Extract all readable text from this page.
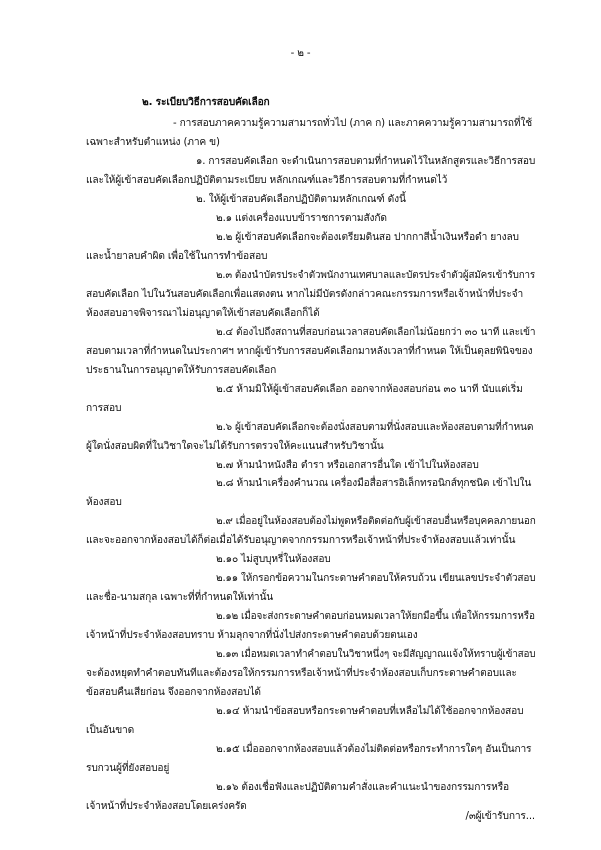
- ๒ -
๒. ระเบียบวิธีการสอบคัดเลือก
- การสอบภาคความรู้ความสามารถทั่วไป (ภาค ก) และภาคความรู้ความสามารถที่ใช้
เฉพาะสำหรับตำแหน่ง (ภาค ข)
๑. การสอบคัดเลือก จะดำเนินการสอบตามที่กำหนดไว้ในหลักสูตรและวิธีการสอบ
และให้ผู้เข้าสอบคัดเลือกปฏิบัติตามระเบียบ หลักเกณฑ์และวิธีการสอบตามที่กำหนดไว้
๒. ให้ผู้เข้าสอบคัดเลือกปฏิบัติตามหลักเกณฑ์ ดังนี้
๒.๑ แต่งเครื่องแบบข้าราชการตามสังกัด
๒.๒ ผู้เข้าสอบคัดเลือกจะต้องเตรียมดินสอ ปากกาสีน้ำเงินหรือดำ ยางลบ
และน้ำยาลบคำผิด เพื่อใช้ในการทำข้อสอบ
๒.๓ ต้องนำบัตรประจำตัวพนักงานเทศบาลและบัตรประจำตัวผู้สมัครเข้ารับการ
สอบคัดเลือก ไปในวันสอบคัดเลือกเพื่อแสดงตน หากไม่มีบัตรดังกล่าวคณะกรรมการหรือเจ้าหน้าที่ประจำ
ห้องสอบอาจพิจารณาไม่อนุญาตให้เข้าสอบคัดเลือกก็ได้
๒.๔ ต้องไปถึงสถานที่สอบก่อนเวลาสอบคัดเลือกไม่น้อยกว่า ๓๐ นาที และเข้า
สอบตามเวลาที่กำหนดในประกาศฯ หากผู้เข้ารับการสอบคัดเลือกมาหลังเวลาที่กำหนด ให้เป็นดุลยพินิจของ
ประธานในการอนุญาตให้รับการสอบคัดเลือก
๒.๕ ห้ามมิให้ผู้เข้าสอบคัดเลือก ออกจากห้องสอบก่อน ๓๐ นาที นับแต่เริ่ม
การสอบ
๒.๖ ผู้เข้าสอบคัดเลือกจะต้องนั่งสอบตามที่นั่งสอบและห้องสอบตามที่กำหนด
ผู้ใดนั่งสอบผิดที่ในวิชาใดจะไม่ได้รับการตรวจให้คะแนนสำหรับวิชานั้น
๒.๗ ห้ามนำหนังสือ ตำรา หรือเอกสารอื่นใด เข้าไปในห้องสอบ
๒.๘ ห้ามนำเครื่องคำนวณ เครื่องมือสื่อสารอิเล็กทรอนิกส์ทุกชนิด เข้าไปใน
ห้องสอบ
๒.๙ เมื่ออยู่ในห้องสอบต้องไม่พูดหรือติดต่อกับผู้เข้าสอบอื่นหรือบุคคลภายนอก
และจะออกจากห้องสอบได้ก็ต่อเมื่อได้รับอนุญาตจากกรรมการหรือเจ้าหน้าที่ประจำห้องสอบแล้วเท่านั้น
๒.๑๐ ไม่สูบบุหรี่ในห้องสอบ
๒.๑๑ ให้กรอกข้อความในกระดาษคำตอบให้ครบถ้วน เขียนเลขประจำตัวสอบ
และชื่อ-นามสกุล เฉพาะที่ที่กำหนดให้เท่านั้น
๒.๑๒ เมื่อจะส่งกระดาษคำตอบก่อนหมดเวลาให้ยกมือขึ้น เพื่อให้กรรมการหรือ
เจ้าหน้าที่ประจำห้องสอบทราบ ห้ามลุกจากที่นั่งไปส่งกระดาษคำตอบด้วยตนเอง
๒.๑๓ เมื่อหมดเวลาทำคำตอบในวิชาหนึ่งๆ จะมีสัญญาณแจ้งให้ทราบผู้เข้าสอบ
จะต้องหยุดทำคำตอบทันทีและต้องรอให้กรรมการหรือเจ้าหน้าที่ประจำห้องสอบเก็บกระดาษคำตอบและ
ข้อสอบคืนเสียก่อน จึงออกจากห้องสอบได้
๒.๑๔ ห้ามนำข้อสอบหรือกระดาษคำตอบที่เหลือไม่ได้ใช้ออกจากห้องสอบ
เป็นอันขาด
๒.๑๕ เมื่อออกจากห้องสอบแล้วต้องไม่ติดต่อหรือกระทำการใดๆ อันเป็นการ
รบกวนผู้ที่ยังสอบอยู่
๒.๑๖ ต้องเชื่อฟังและปฏิบัติตามคำสั่งและคำแนะนำของกรรมการหรือ
เจ้าหน้าที่ประจำห้องสอบโดยเคร่งครัด
/๓ผู้เข้ารับการ...
